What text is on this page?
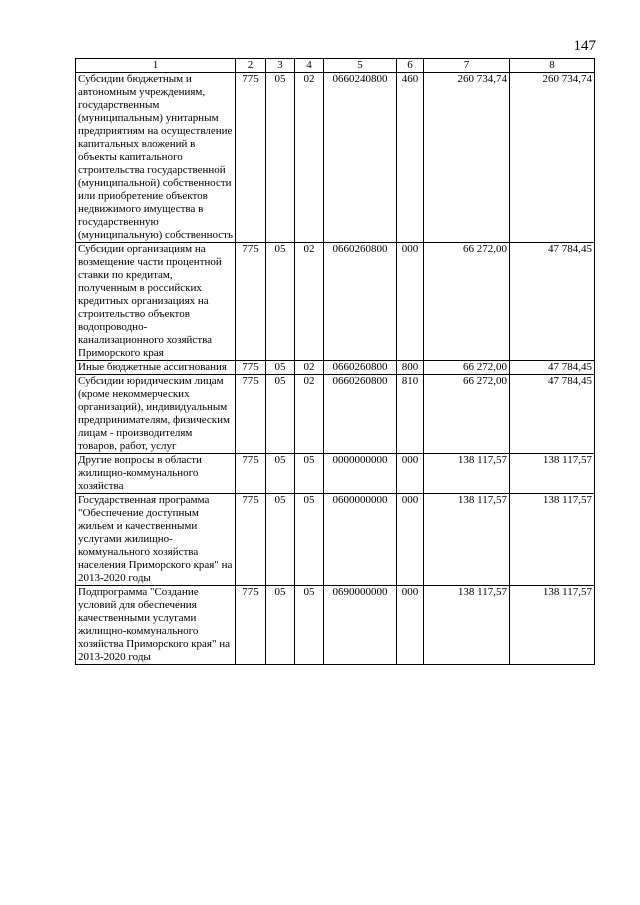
147
1	2	3	4	5	6	7	8
Субсидии бюджетным и автономным учреждениям, государственным (муниципальным) унитарным предприятиям на осуществление капитальных вложений в объекты капитального строительства государственной (муниципальной) собственности или приобретение объектов недвижимого имущества в государственную (муниципальную) собственность	775	05	02	0660240800	460	260 734,74	260 734,74
Субсидии организациям на возмещение части процентной ставки по кредитам, полученным в российских кредитных организациях на строительство объектов водопроводно-канализационного хозяйства Приморского края	775	05	02	0660260800	000	66 272,00	47 784,45
Иные бюджетные ассигнования	775	05	02	0660260800	800	66 272,00	47 784,45
Субсидии юридическим лицам (кроме некоммерческих организаций), индивидуальным предпринимателям, физическим лицам - производителям товаров, работ, услуг	775	05	02	0660260800	810	66 272,00	47 784,45
Другие вопросы в области жилищно-коммунального хозяйства	775	05	05	0000000000	000	138 117,57	138 117,57
Государственная программа "Обеспечение доступным жильем и качественными услугами жилищно-коммунального хозяйства населения Приморского края" на 2013-2020 годы	775	05	05	0600000000	000	138 117,57	138 117,57
Подпрограмма "Создание условий для обеспечения качественными услугами жилищно-коммунального хозяйства Приморского края" на 2013-2020 годы	775	05	05	0690000000	000	138 117,57	138 117,57
